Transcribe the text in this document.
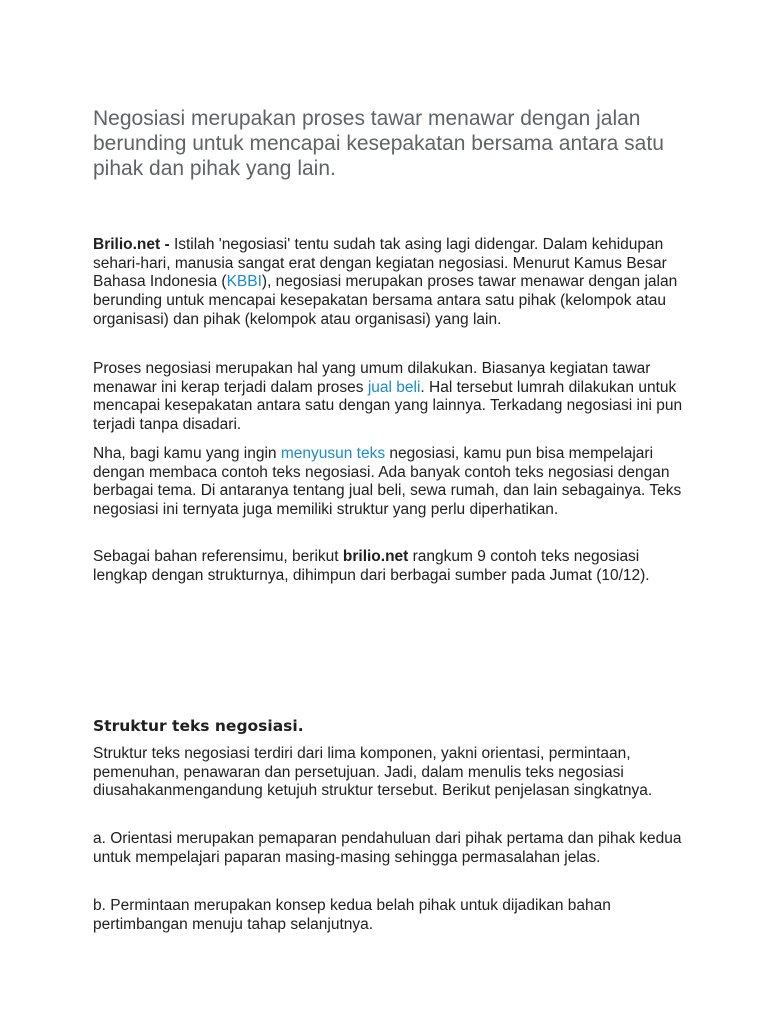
Negosiasi merupakan proses tawar menawar dengan jalan berunding untuk mencapai kesepakatan bersama antara satu pihak dan pihak yang lain.

Brilio.net - Istilah 'negosiasi' tentu sudah tak asing lagi didengar. Dalam kehidupan sehari-hari, manusia sangat erat dengan kegiatan negosiasi. Menurut Kamus Besar Bahasa Indonesia (KBBI), negosiasi merupakan proses tawar menawar dengan jalan berunding untuk mencapai kesepakatan bersama antara satu pihak (kelompok atau organisasi) dan pihak (kelompok atau organisasi) yang lain.

Proses negosiasi merupakan hal yang umum dilakukan. Biasanya kegiatan tawar menawar ini kerap terjadi dalam proses jual beli. Hal tersebut lumrah dilakukan untuk mencapai kesepakatan antara satu dengan yang lainnya. Terkadang negosiasi ini pun terjadi tanpa disadari.

Nha, bagi kamu yang ingin menyusun teks negosiasi, kamu pun bisa mempelajari dengan membaca contoh teks negosiasi. Ada banyak contoh teks negosiasi dengan berbagai tema. Di antaranya tentang jual beli, sewa rumah, dan lain sebagainya. Teks negosiasi ini ternyata juga memiliki struktur yang perlu diperhatikan.

Sebagai bahan referensimu, berikut brilio.net rangkum 9 contoh teks negosiasi lengkap dengan strukturnya, dihimpun dari berbagai sumber pada Jumat (10/12).

Struktur teks negosiasi.

Struktur teks negosiasi terdiri dari lima komponen, yakni orientasi, permintaan, pemenuhan, penawaran dan persetujuan. Jadi, dalam menulis teks negosiasi diusahakanmengandung ketujuh struktur tersebut. Berikut penjelasan singkatnya.

a. Orientasi merupakan pemaparan pendahuluan dari pihak pertama dan pihak kedua untuk mempelajari paparan masing-masing sehingga permasalahan jelas.

b. Permintaan merupakan konsep kedua belah pihak untuk dijadikan bahan pertimbangan menuju tahap selanjutnya.
